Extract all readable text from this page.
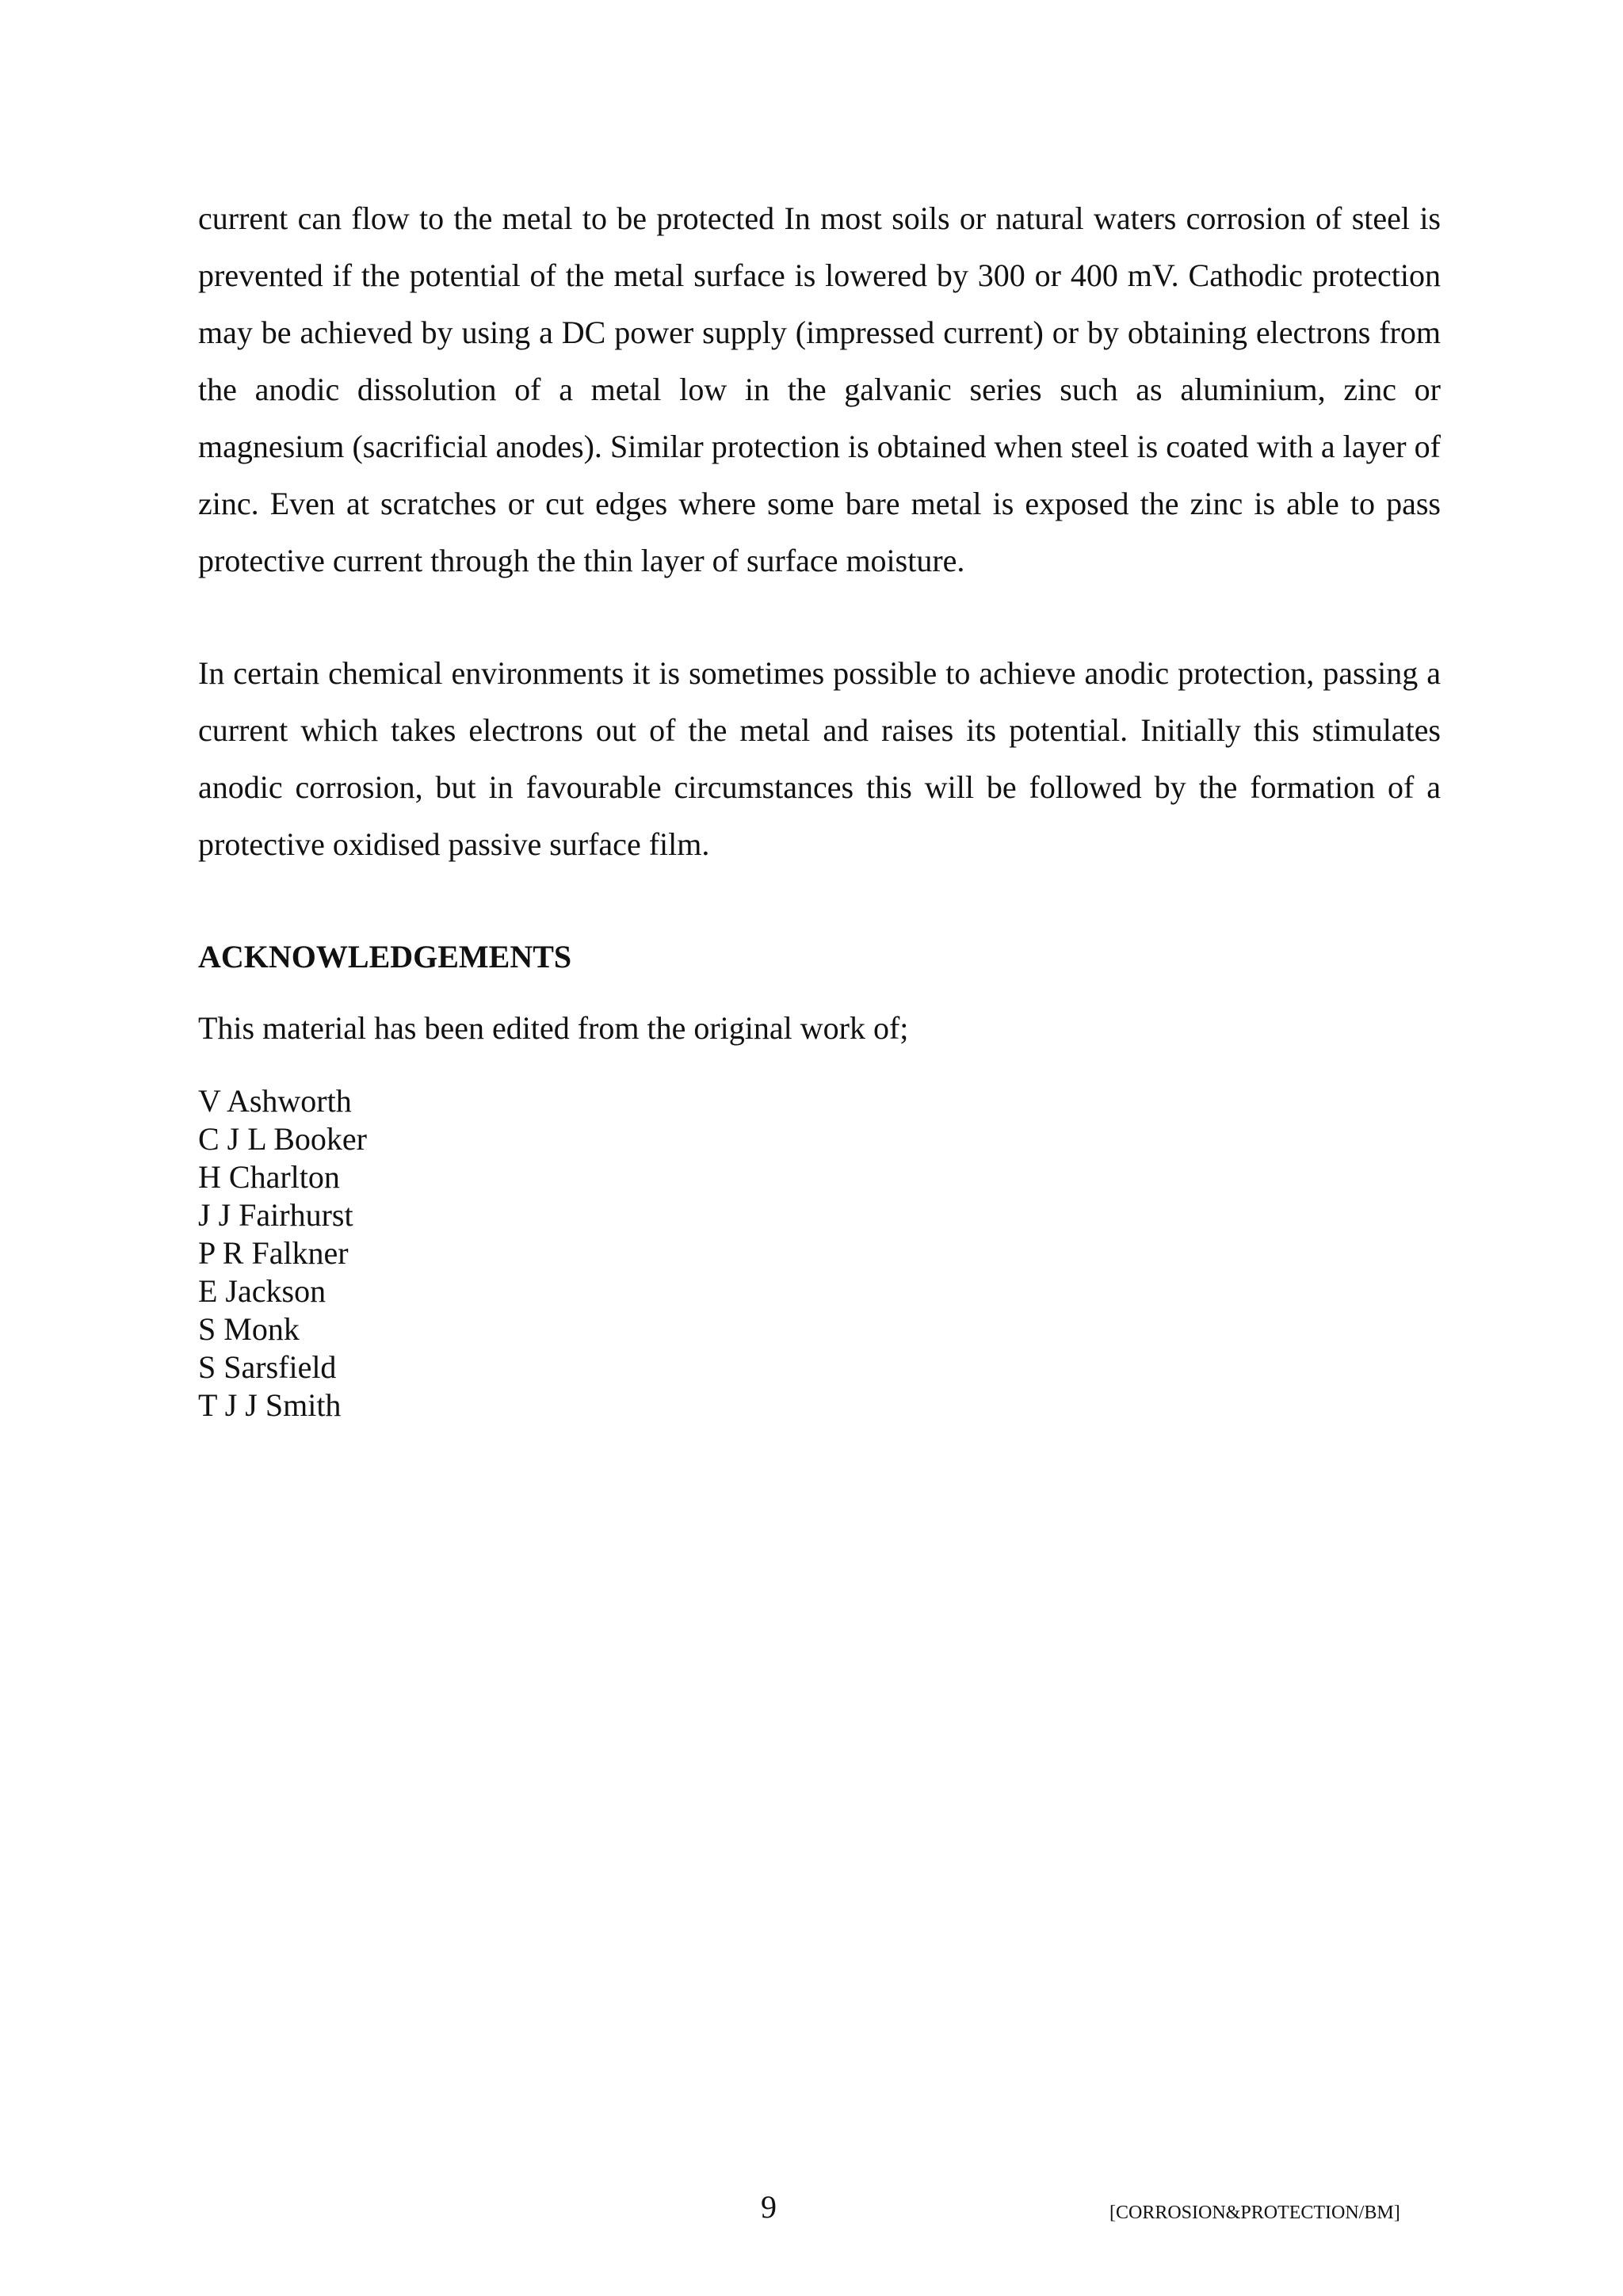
current can flow to the metal to be protected In most soils or natural waters corrosion of steel is prevented if the potential of the metal surface is lowered by 300 or 400 mV. Cathodic protection may be achieved by using a DC power supply (impressed current) or by obtaining electrons from the anodic dissolution of a metal low in the galvanic series such as aluminium, zinc or magnesium (sacrificial anodes). Similar protection is obtained when steel is coated with a layer of zinc. Even at scratches or cut edges where some bare metal is exposed the zinc is able to pass protective current through the thin layer of surface moisture.

In certain chemical environments it is sometimes possible to achieve anodic protection, passing a current which takes electrons out of the metal and raises its potential. Initially this stimulates anodic corrosion, but in favourable circumstances this will be followed by the formation of a protective oxidised passive surface film.

ACKNOWLEDGEMENTS

This material has been edited from the original work of;

V Ashworth
C J L Booker
H Charlton
J J Fairhurst
P R Falkner
E Jackson
S Monk
S Sarsfield
T J J Smith
9	[CORROSION&PROTECTION/BM]
